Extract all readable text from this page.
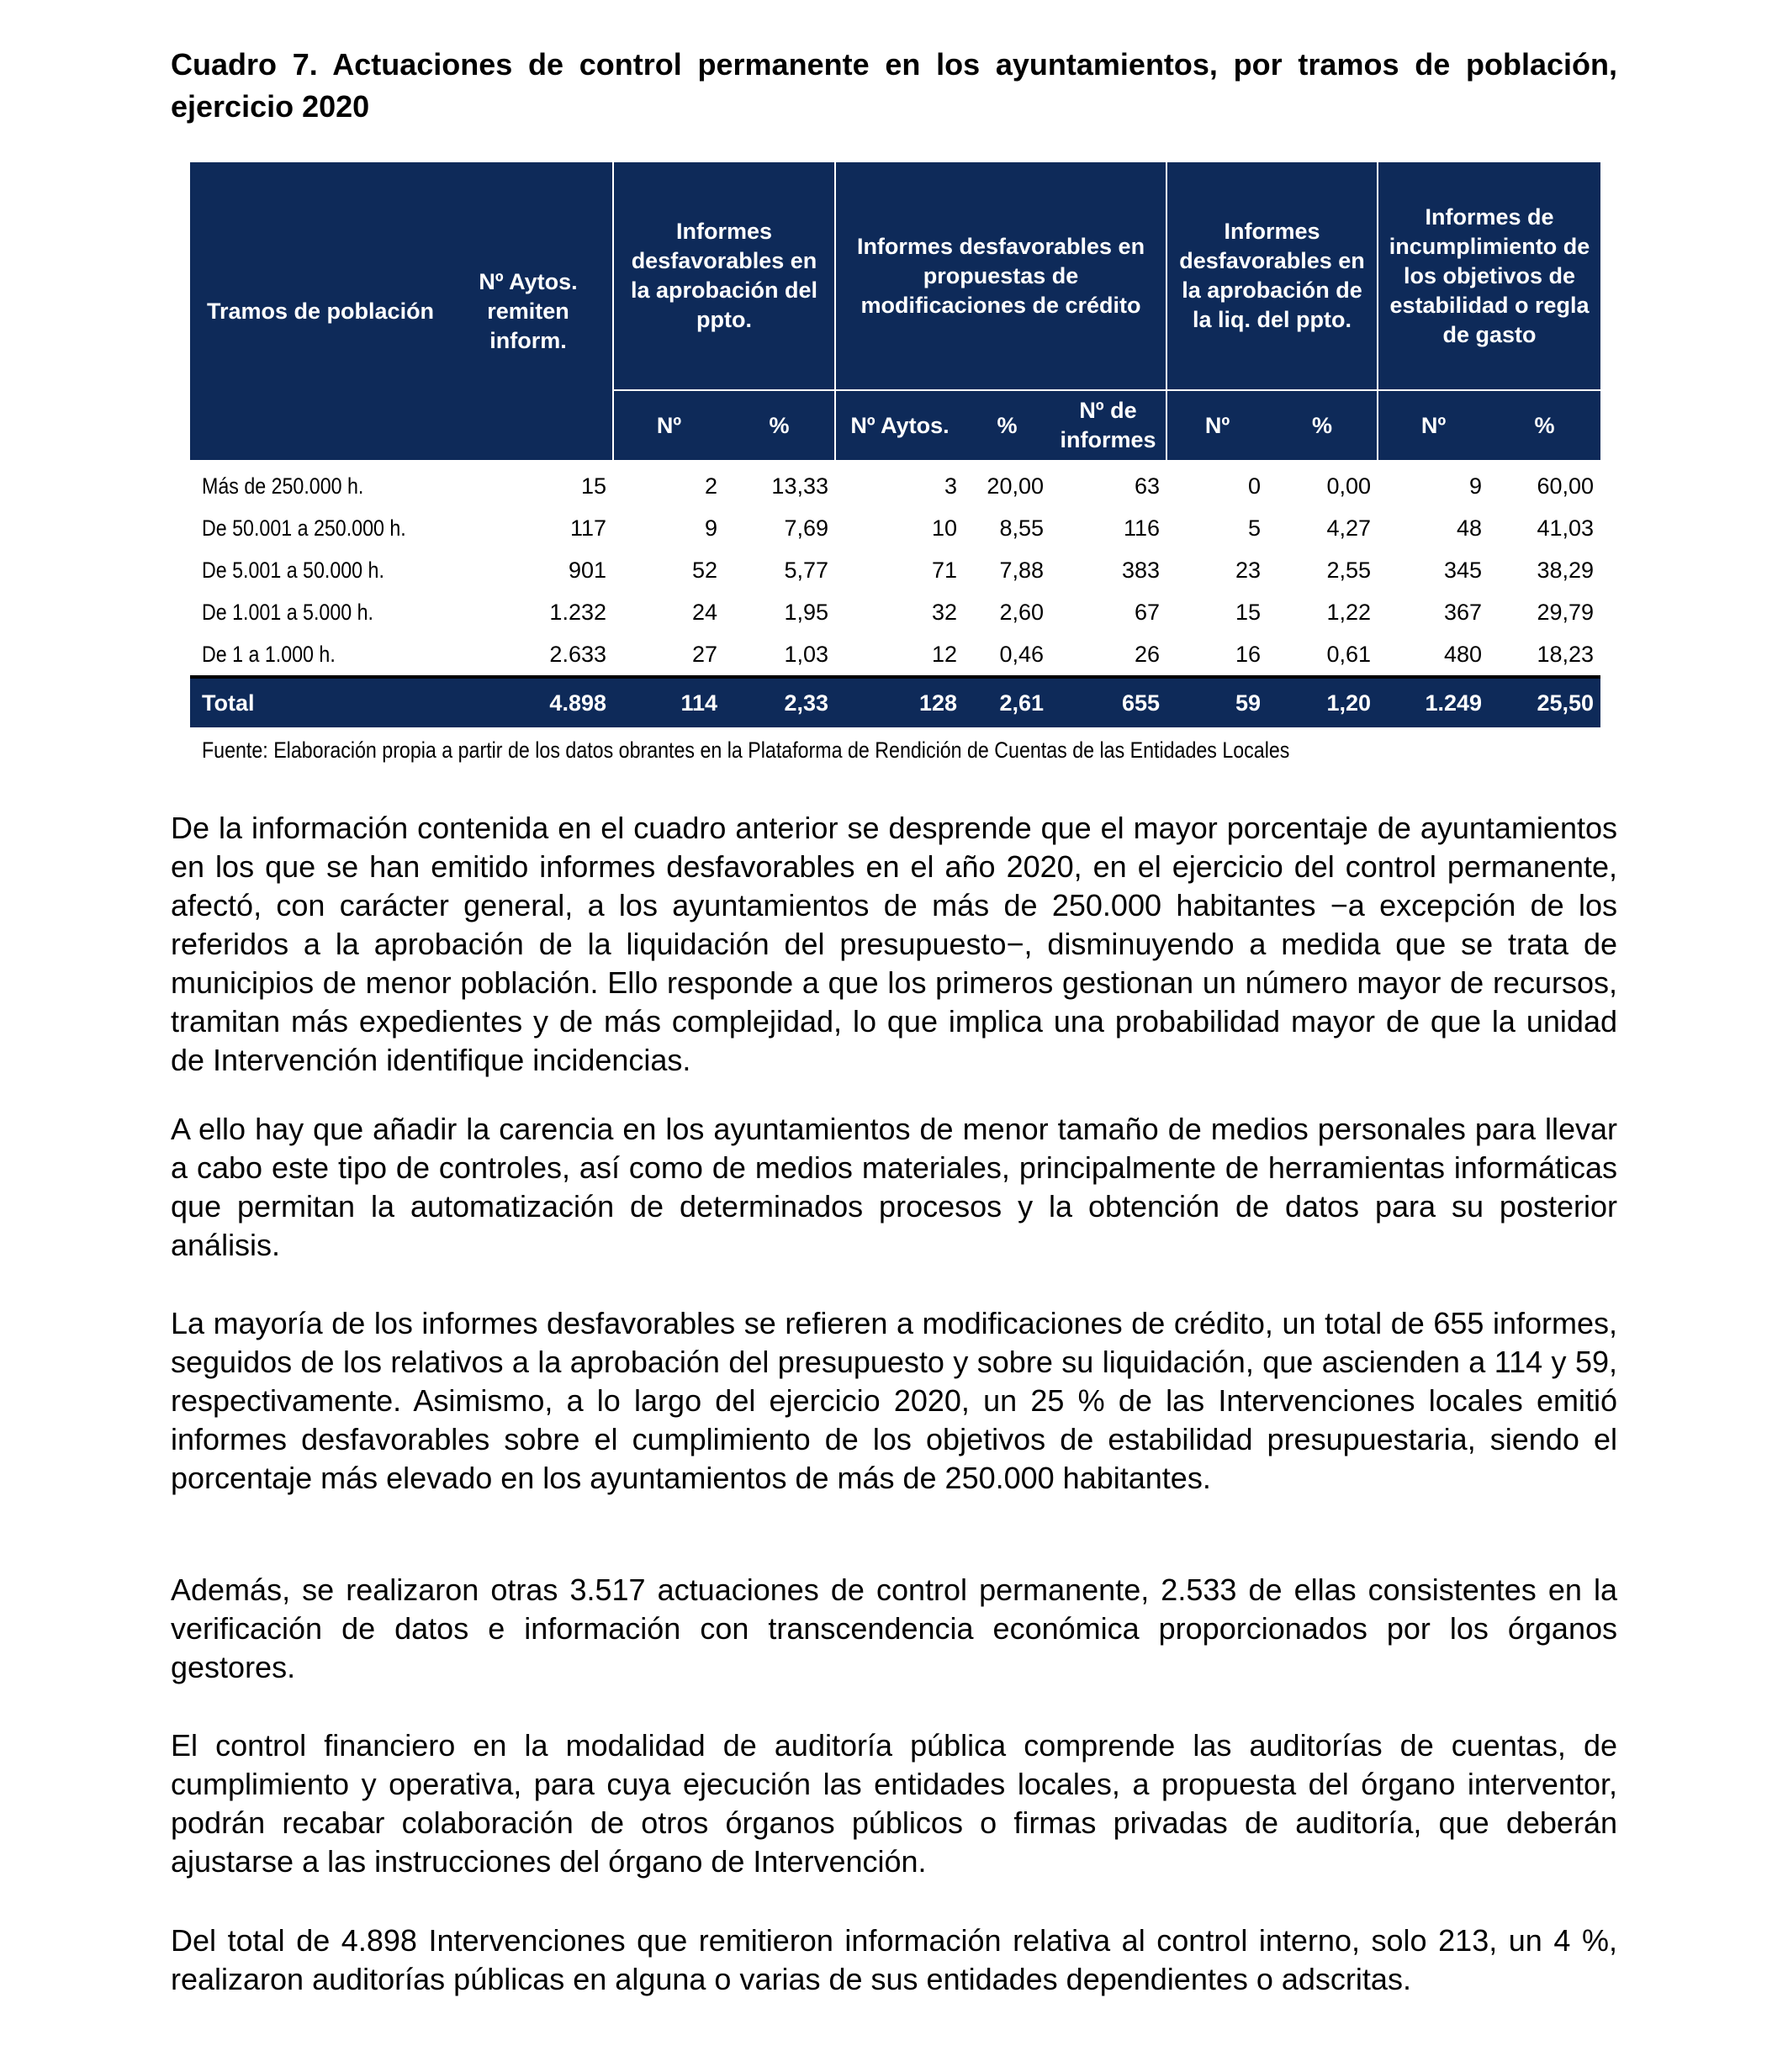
Cuadro 7. Actuaciones de control permanente en los ayuntamientos, por tramos de población, ejercicio 2020
Tramos de población	Nº Aytos. remiten inform.	Informes desfavorables en la aprobación del ppto.		Informes desfavorables en propuestas de modificaciones de crédito			Informes desfavorables en la aprobación de la liq. del ppto.		Informes de incumplimiento de los objetivos de estabilidad o regla de gasto	
		Nº	%	Nº Aytos.	%	Nº de informes	Nº	%	Nº	%
Más de 250.000 h.	15	2	13,33	3	20,00	63	0	0,00	9	60,00
De 50.001 a 250.000 h.	117	9	7,69	10	8,55	116	5	4,27	48	41,03
De 5.001 a 50.000 h.	901	52	5,77	71	7,88	383	23	2,55	345	38,29
De 1.001 a 5.000 h.	1.232	24	1,95	32	2,60	67	15	1,22	367	29,79
De 1 a 1.000 h.	2.633	27	1,03	12	0,46	26	16	0,61	480	18,23
Total	4.898	114	2,33	128	2,61	655	59	1,20	1.249	25,50
Fuente: Elaboración propia a partir de los datos obrantes en la Plataforma de Rendición de Cuentas de las Entidades Locales

De la información contenida en el cuadro anterior se desprende que el mayor porcentaje de ayuntamientos en los que se han emitido informes desfavorables en el año 2020, en el ejercicio del control permanente, afectó, con carácter general, a los ayuntamientos de más de 250.000 habitantes −a excepción de los referidos a la aprobación de la liquidación del presupuesto−, disminuyendo a medida que se trata de municipios de menor población. Ello responde a que los primeros gestionan un número mayor de recursos, tramitan más expedientes y de más complejidad, lo que implica una probabilidad mayor de que la unidad de Intervención identifique incidencias.

A ello hay que añadir la carencia en los ayuntamientos de menor tamaño de medios personales para llevar a cabo este tipo de controles, así como de medios materiales, principalmente de herramientas informáticas que permitan la automatización de determinados procesos y la obtención de datos para su posterior análisis.

La mayoría de los informes desfavorables se refieren a modificaciones de crédito, un total de 655 informes, seguidos de los relativos a la aprobación del presupuesto y sobre su liquidación, que ascienden a 114 y 59, respectivamente. Asimismo, a lo largo del ejercicio 2020, un 25 % de las Intervenciones locales emitió informes desfavorables sobre el cumplimiento de los objetivos de estabilidad presupuestaria, siendo el porcentaje más elevado en los ayuntamientos de más de 250.000 habitantes.

Además, se realizaron otras 3.517 actuaciones de control permanente, 2.533 de ellas consistentes en la verificación de datos e información con transcendencia económica proporcionados por los órganos gestores.

El control financiero en la modalidad de auditoría pública comprende las auditorías de cuentas, de cumplimiento y operativa, para cuya ejecución las entidades locales, a propuesta del órgano interventor, podrán recabar colaboración de otros órganos públicos o firmas privadas de auditoría, que deberán ajustarse a las instrucciones del órgano de Intervención.

Del total de 4.898 Intervenciones que remitieron información relativa al control interno, solo 213, un 4 %, realizaron auditorías públicas en alguna o varias de sus entidades dependientes o adscritas.
